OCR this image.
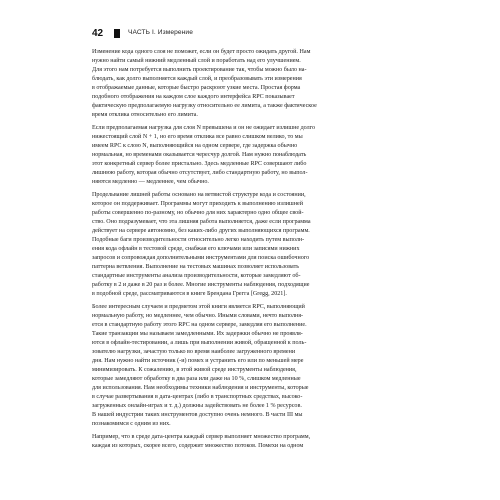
42	ЧАСТЬ I. Измерение

Изменение кода одного слоя не поможет, если он будет просто ожидать другой. Нам
нужно найти самый нижний медленный слой и поработать над его улучшением.
Для этого нам потребуется выполнить проектирование так, чтобы можно было на-
блюдать, как долго выполняется каждый слой, и преобразовывать эти измерения
в отображаемые данные, которые быстро раскроют узкие места. Простая форма
подобного отображения на каждом слое каждого интерфейса RPC показывает
фактическую предполагаемую нагрузку относительно ее лимита, а также фактическое
время отклика относительно его лимита.

Если предполагаемая нагрузка для слоя N превышена и он не ожидает излишне долго
нижестоящий слой N + 1, но его время отклика все равно слишком велико, то мы
имеем RPC к слою N, выполняющийся на одном сервере, где задержка обычно
нормальная, но временами оказывается чересчур долгой. Нам нужно понаблюдать
этот конкретный сервер более пристально. Здесь медленные RPC совершают либо
лишнюю работу, которая обычно отсутствует, либо стандартную работу, но выпол-
няются медленно — медленнее, чем обычно.

Продельвание лишней работы основано на ветвистой структуре кода и состоянии,
которое он поддерживает. Программы могут приходить к выполнению излишней
работы совершенно по-разному, но обычно для них характерно одно общее свой-
ство. Оно подразумевает, что эта лишняя работа выполняется, даже если программа
действует на сервере автономно, без каких-либо других выполняющихся программ.
Подобные баги производительности относительно легко находить путем выполн-
ения кода офлайн в тестовой среде, снабжая его ключами или записями нижних
запросов и сопровождая дополнительными инструментами для поиска ошибочного
паттерна ветвления. Выполнение на тестовых машинах позволяет использовать
стандартные инструменты анализа производительности, которые замедляют об-
работку в 2 и даже в 20 раз и более. Многие инструменты наблюдения, подходящие
в подобной среде, рассматриваются в книге Брендана Грегга [Gregg, 2021].

Более интересным случаем и предметом этой книги является RPC, выполняющий
нормальную работу, но медленнее, чем обычно. Иными словами, нечто выполня-
ется в стандартную работу этого RPC на одном сервере, замедляя его выполнение.
Такие транзакции мы называем замедленными. Их задержки обычно не проявля-
ются в офлайн-тестировании, а лишь при выполнении живой, обращенной к поль-
зователю нагрузки, зачастую только во время наиболее загруженного времени
дня. Нам нужно найти источник (-и) помех и устранить его или по меньшей мере
минимизировать. К сожалению, в этой живой среде инструменты наблюдения,
которые замедляют обработку в два раза или даже на 10 %, слишком медленные
для использования. Нам необходимы техники наблюдения и инструменты, которые
в случае развертывания в дата-центрах (либо в транспортных средствах, высоко-
загруженных онлайн-играх и т. д.) должны задействовать не более 1 % ресурсов.
В нашей индустрии таких инструментов доступно очень немного. В части III мы
познакомимся с одним из них.

Например, что в среде дата-центра каждый сервер выполняет множество программ,
каждая из которых, скорее всего, содержит множество потоков. Помехи на одном
